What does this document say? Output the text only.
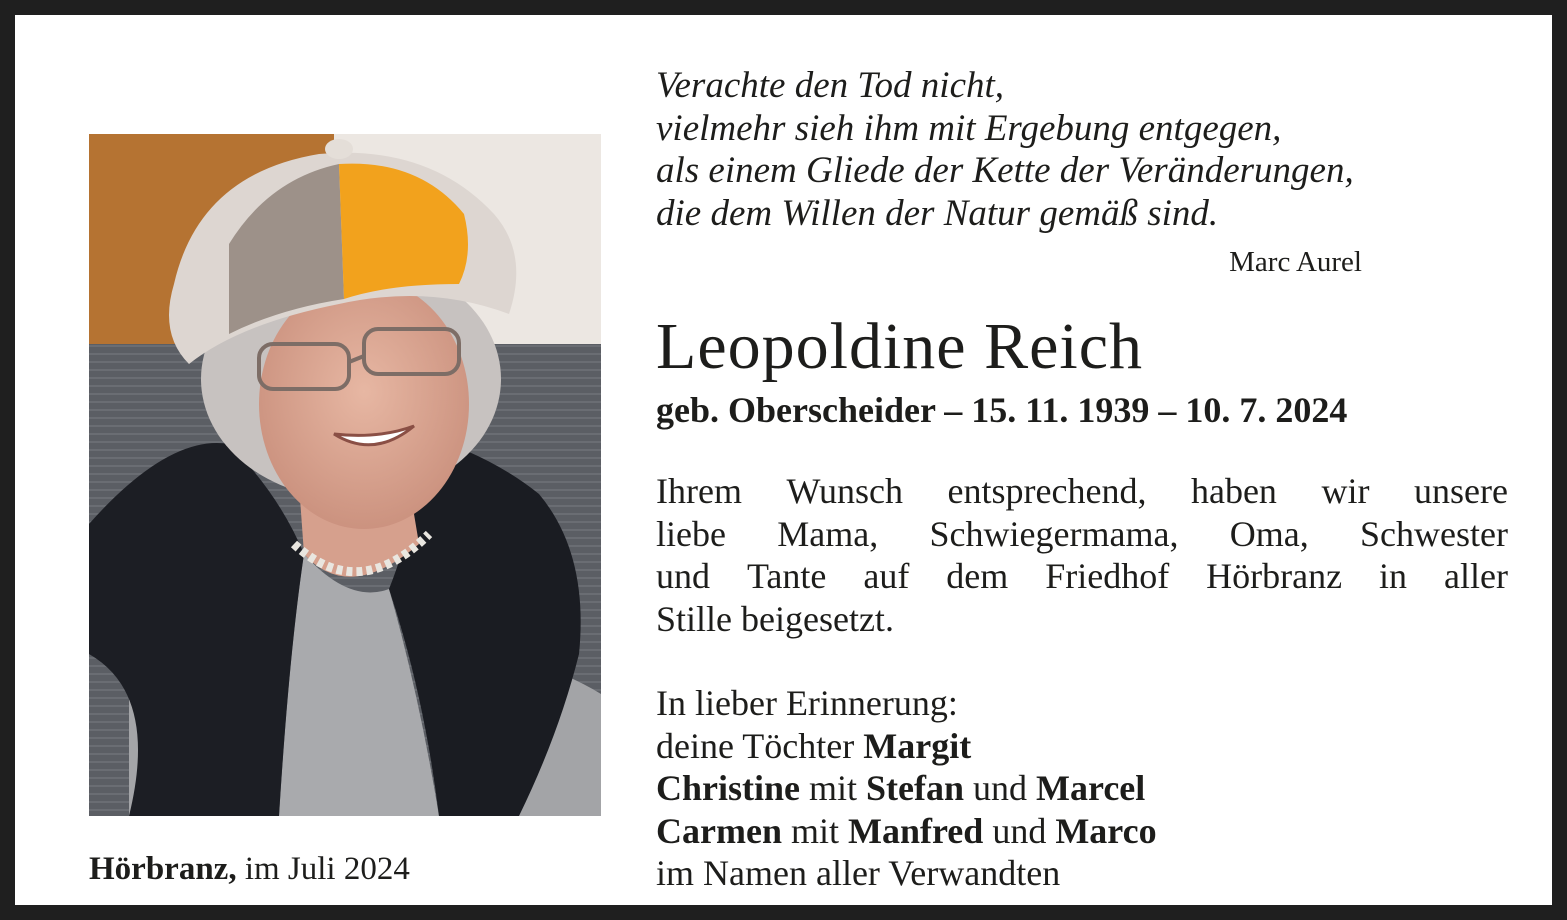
Hörbranz, im Juli 2024
Verachte den Tod nicht,
vielmehr sieh ihm mit Ergebung entgegen,
als einem Gliede der Kette der Veränderungen,
die dem Willen der Natur gemäß sind.
Marc Aurel
Leopoldine Reich
geb. Oberscheider – 15. 11. 1939 – 10. 7. 2024
Ihrem Wunsch entsprechend, haben wir unsere
liebe Mama, Schwiegermama, Oma, Schwester
und Tante auf dem Friedhof Hörbranz in aller
Stille beigesetzt.
In lieber Erinnerung:
deine Töchter Margit
Christine mit Stefan und Marcel
Carmen mit Manfred und Marco
im Namen aller Verwandten
